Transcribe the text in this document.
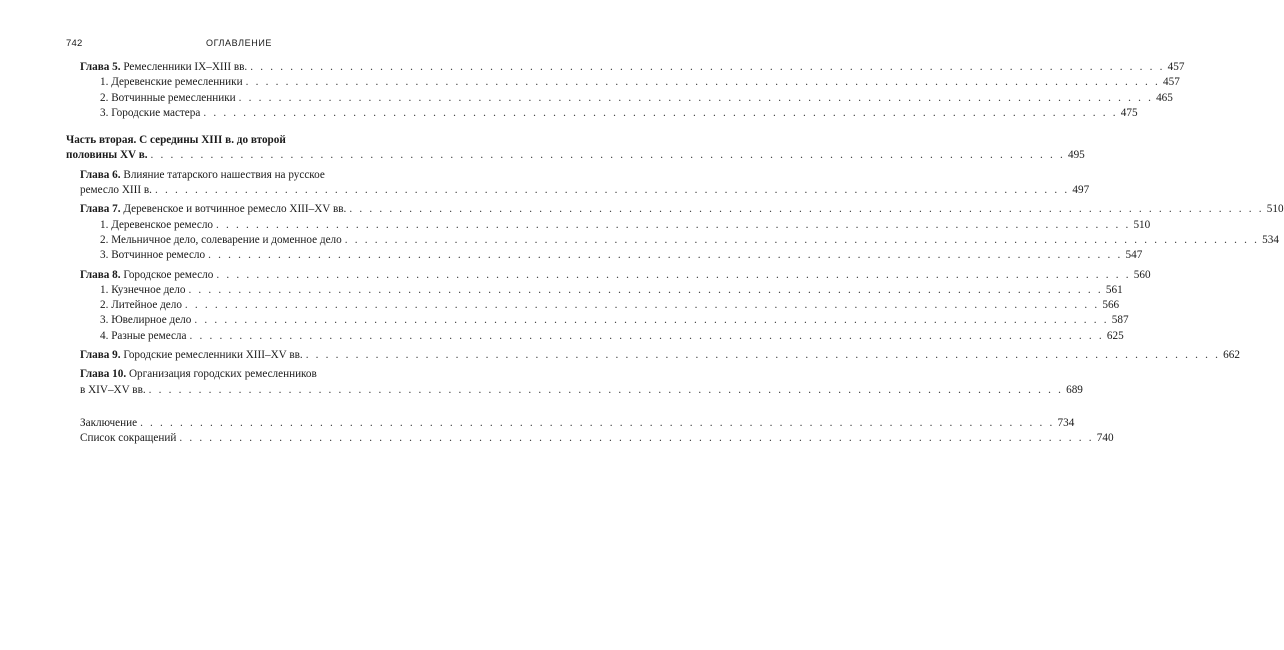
742	ОГЛАВЛЕНИЕ
Глава 5. Ремесленники IX–XIII вв. . . . . . . . . . . . . . . . . . . . . . . . . . . . . . . . . . . . . . . . . . . . . . . . . . . . . . . . . . . . . . . . . . . . . . . . . . . . . . . . . . . . . . . . . . . . . 457
1. Деревенские ремесленники . . . . . . . . . . . . . . . . . . . . . . . . . . . . . . . . . . . . . . . . . . . . . . . . . . . . . . . . . . . . . . . . . . . . . . . . . . . . . . . . . . . . . . . . . . . . 457
2. Вотчинные ремесленники . . . . . . . . . . . . . . . . . . . . . . . . . . . . . . . . . . . . . . . . . . . . . . . . . . . . . . . . . . . . . . . . . . . . . . . . . . . . . . . . . . . . . . . . . . . . 465
3. Городские мастера . . . . . . . . . . . . . . . . . . . . . . . . . . . . . . . . . . . . . . . . . . . . . . . . . . . . . . . . . . . . . . . . . . . . . . . . . . . . . . . . . . . . . . . . . . . . 475
Часть вторая. С середины XIII в. до второй
половины XV в. . . . . . . . . . . . . . . . . . . . . . . . . . . . . . . . . . . . . . . . . . . . . . . . . . . . . . . . . . . . . . . . . . . . . . . . . . . . . . . . . . . . . . . . . . . . . 495
Глава 6. Влияние татарского нашествия на русское
ремесло XIII в. . . . . . . . . . . . . . . . . . . . . . . . . . . . . . . . . . . . . . . . . . . . . . . . . . . . . . . . . . . . . . . . . . . . . . . . . . . . . . . . . . . . . . . . . . . . . 497
Глава 7. Деревенское и вотчинное ремесло XIII–XV вв. . . . . . . . . . . . . . . . . . . . . . . . . . . . . . . . . . . . . . . . . . . . . . . . . . . . . . . . . . . . . . . . . . . . . . . . . . . . . . . . . . . . . . . . . . . . . 510
1. Деревенское ремесло . . . . . . . . . . . . . . . . . . . . . . . . . . . . . . . . . . . . . . . . . . . . . . . . . . . . . . . . . . . . . . . . . . . . . . . . . . . . . . . . . . . . . . . . . . . . 510
2. Мельничное дело, солеварение и доменное дело . . . . . . . . . . . . . . . . . . . . . . . . . . . . . . . . . . . . . . . . . . . . . . . . . . . . . . . . . . . . . . . . . . . . . . . . . . . . . . . . . . . . . . . . . . . . 534
3. Вотчинное ремесло . . . . . . . . . . . . . . . . . . . . . . . . . . . . . . . . . . . . . . . . . . . . . . . . . . . . . . . . . . . . . . . . . . . . . . . . . . . . . . . . . . . . . . . . . . . . 547
Глава 8. Городское ремесло . . . . . . . . . . . . . . . . . . . . . . . . . . . . . . . . . . . . . . . . . . . . . . . . . . . . . . . . . . . . . . . . . . . . . . . . . . . . . . . . . . . . . . . . . . . . 560
1. Кузнечное дело . . . . . . . . . . . . . . . . . . . . . . . . . . . . . . . . . . . . . . . . . . . . . . . . . . . . . . . . . . . . . . . . . . . . . . . . . . . . . . . . . . . . . . . . . . . . 561
2. Литейное дело . . . . . . . . . . . . . . . . . . . . . . . . . . . . . . . . . . . . . . . . . . . . . . . . . . . . . . . . . . . . . . . . . . . . . . . . . . . . . . . . . . . . . . . . . . . . 566
3. Ювелирное дело . . . . . . . . . . . . . . . . . . . . . . . . . . . . . . . . . . . . . . . . . . . . . . . . . . . . . . . . . . . . . . . . . . . . . . . . . . . . . . . . . . . . . . . . . . . . 587
4. Разные ремесла . . . . . . . . . . . . . . . . . . . . . . . . . . . . . . . . . . . . . . . . . . . . . . . . . . . . . . . . . . . . . . . . . . . . . . . . . . . . . . . . . . . . . . . . . . . . 625
Глава 9. Городские ремесленники XIII–XV вв. . . . . . . . . . . . . . . . . . . . . . . . . . . . . . . . . . . . . . . . . . . . . . . . . . . . . . . . . . . . . . . . . . . . . . . . . . . . . . . . . . . . . . . . . . . . . 662
Глава 10. Организация городских ремесленников
в XIV–XV вв. . . . . . . . . . . . . . . . . . . . . . . . . . . . . . . . . . . . . . . . . . . . . . . . . . . . . . . . . . . . . . . . . . . . . . . . . . . . . . . . . . . . . . . . . . . . . 689
Заключение . . . . . . . . . . . . . . . . . . . . . . . . . . . . . . . . . . . . . . . . . . . . . . . . . . . . . . . . . . . . . . . . . . . . . . . . . . . . . . . . . . . . . . . . . . . . 734
Список сокращений . . . . . . . . . . . . . . . . . . . . . . . . . . . . . . . . . . . . . . . . . . . . . . . . . . . . . . . . . . . . . . . . . . . . . . . . . . . . . . . . . . . . . . . . . . . . 740
